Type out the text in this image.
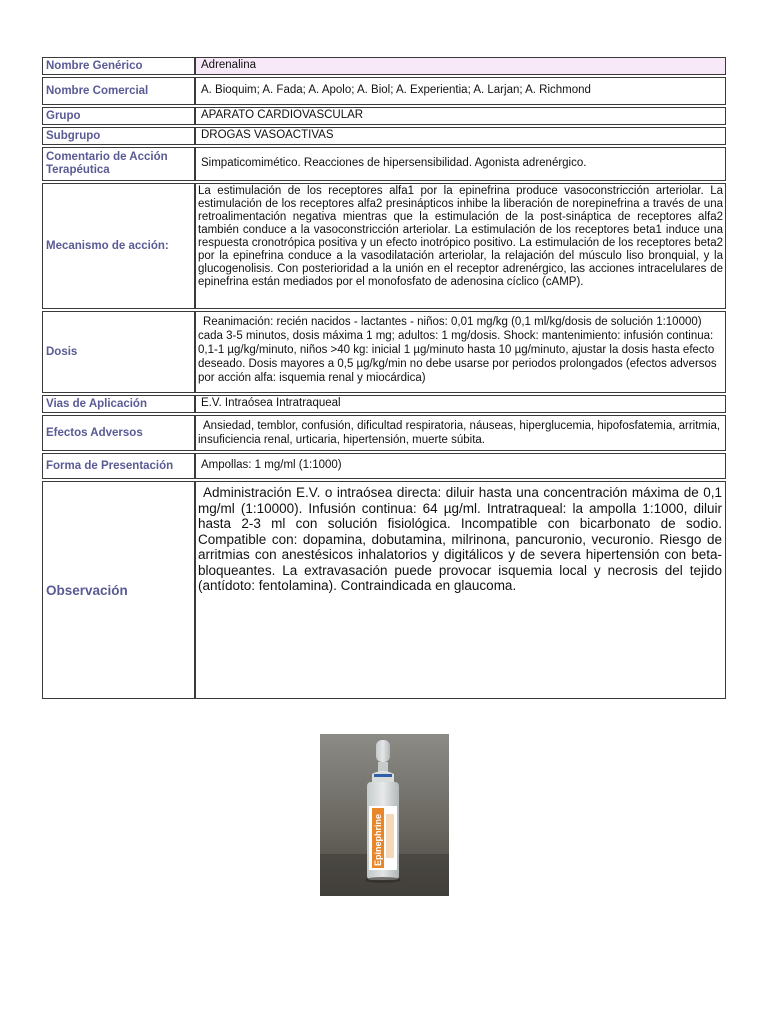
Nombre Genérico	Adrenalina
Nombre Comercial	A. Bioquim; A. Fada; A. Apolo; A. Biol; A. Experientia; A. Larjan; A. Richmond
Grupo	APARATO CARDIOVASCULAR
Subgrupo	DROGAS VASOACTIVAS
Comentario de Acción Terapéutica	Simpaticomimético. Reacciones de hipersensibilidad. Agonista adrenérgico.
Mecanismo de acción:	La estimulación de los receptores alfa1 por la epinefrina produce vasoconstricción arteriolar. La estimulación de los receptores alfa2 presinápticos inhibe la liberación de norepinefrina a través de una retroalimentación negativa mientras que la estimulación de la post-sináptica de receptores alfa2 también conduce a la vasoconstricción arteriolar. La estimulación de los receptores beta1 induce una respuesta cronotrópica positiva y un efecto inotrópico positivo. La estimulación de los receptores beta2 por la epinefrina conduce a la vasodilatación arteriolar, la relajación del músculo liso bronquial, y la glucogenolisis. Con posterioridad a la unión en el receptor adrenérgico, las acciones intracelulares de epinefrina están mediados por el monofosfato de adenosina cíclico (cAMP).
Dosis	Reanimación: recién nacidos - lactantes - niños: 0,01 mg/kg (0,1 ml/kg/dosis de solución 1:10000) cada 3-5 minutos, dosis máxima 1 mg; adultos: 1 mg/dosis. Shock: mantenimiento: infusión continua: 0,1-1 µg/kg/minuto, niños >40 kg: inicial 1 µg/minuto hasta 10 µg/minuto, ajustar la dosis hasta efecto deseado. Dosis mayores a 0,5 µg/kg/min no debe usarse por periodos prolongados (efectos adversos por acción alfa: isquemia renal y miocárdica)
Vias de Aplicación	E.V. Intraósea Intratraqueal
Efectos Adversos	Ansiedad, temblor, confusión, dificultad respiratoria, náuseas, hiperglucemia, hipofosfatemia, arritmia, insuficiencia renal, urticaria, hipertensión, muerte súbita.
Forma de Presentación	Ampollas: 1 mg/ml (1:1000)
Observación	Administración E.V. o intraósea directa: diluir hasta una concentración máxima de 0,1 mg/ml (1:10000). Infusión continua: 64 µg/ml. Intratraqueal: la ampolla 1:1000, diluir hasta 2-3 ml con solución fisiológica. Incompatible con bicarbonato de sodio. Compatible con: dopamina, dobutamina, milrinona, pancuronio, vecuronio. Riesgo de arritmias con anestésicos inhalatorios y digitálicos y de severa hipertensión con beta-bloqueantes. La extravasación puede provocar isquemia local y necrosis del tejido (antídoto: fentolamina). Contraindicada en glaucoma.
Epinephrine
